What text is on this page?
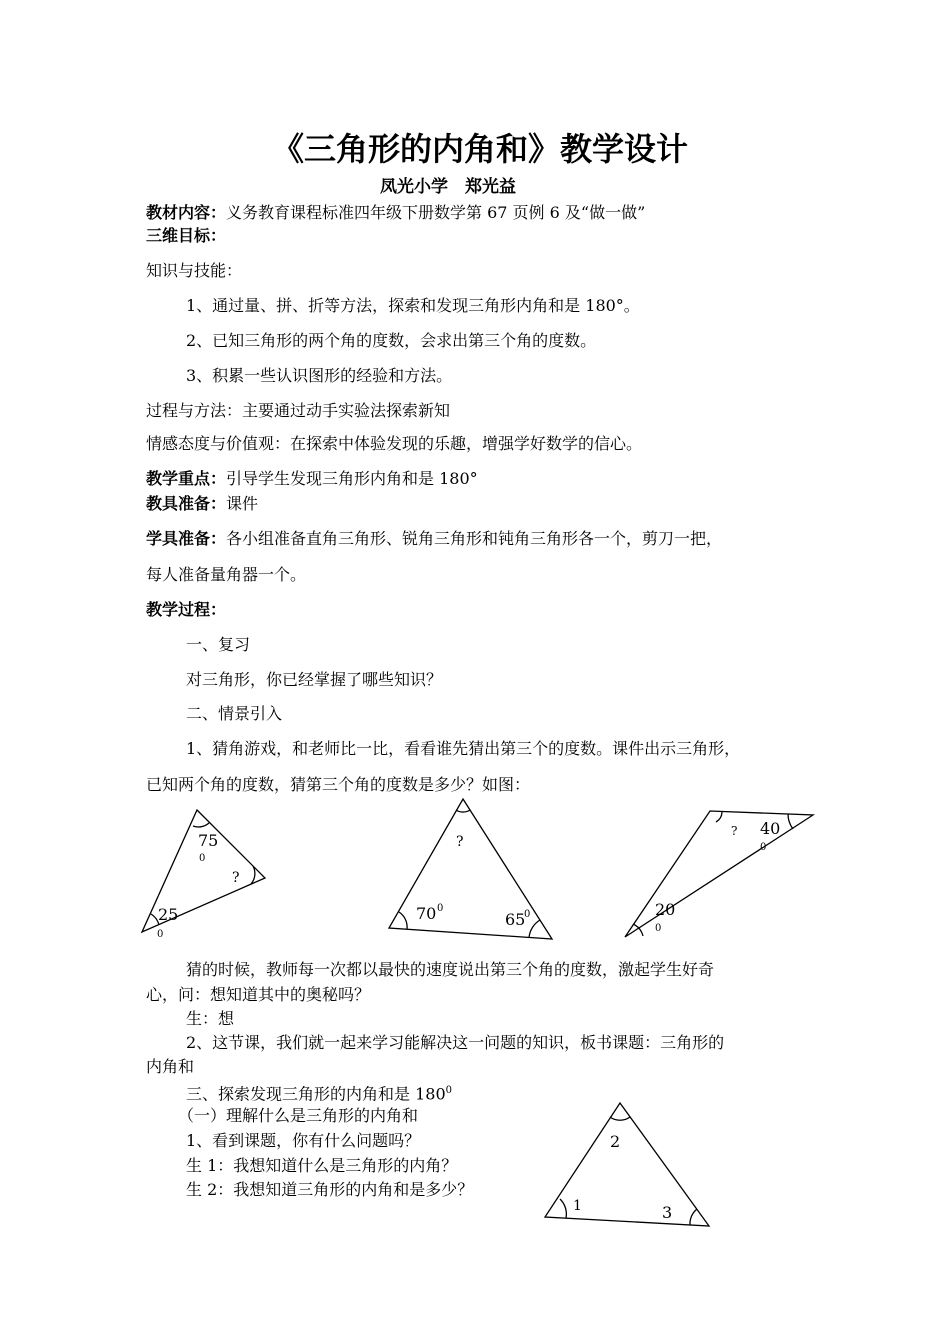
《三角形的内角和》教学设计
凤光小学　郑光益
教材内容：义务教育课程标准四年级下册数学第 67 页例 6 及“做一做”
三维目标：
知识与技能：
1、通过量、拼、折等方法，探索和发现三角形内角和是 180°。
2、已知三角形的两个角的度数，会求出第三个角的度数。
3、积累一些认识图形的经验和方法。
过程与方法：主要通过动手实验法探索新知
情感态度与价值观：在探索中体验发现的乐趣，增强学好数学的信心。
教学重点：引导学生发现三角形内角和是 180°
教具准备：课件
学具准备：各小组准备直角三角形、锐角三角形和钝角三角形各一个，剪刀一把，
每人准备量角器一个。
教学过程：
一、复习
对三角形，你已经掌握了哪些知识？
二、情景引入
1、猜角游戏，和老师比一比，看看谁先猜出第三个的度数。课件出示三角形，
已知两个角的度数，猜第三个角的度数是多少？如图：
75
0
?
25
0
?
70 0
65
0
? 40
0
20
0
2
1	3
猜的时候，教师每一次都以最快的速度说出第三个角的度数，激起学生好奇
心，问：想知道其中的奥秘吗？
生：想
2、这节课，我们就一起来学习能解决这一问题的知识，板书课题：三角形的
内角和
三、探索发现三角形的内角和是 $180^0$
（一）理解什么是三角形的内角和
1、看到课题，你有什么问题吗？
生 1：我想知道什么是三角形的内角？
生 2：我想知道三角形的内角和是多少？
